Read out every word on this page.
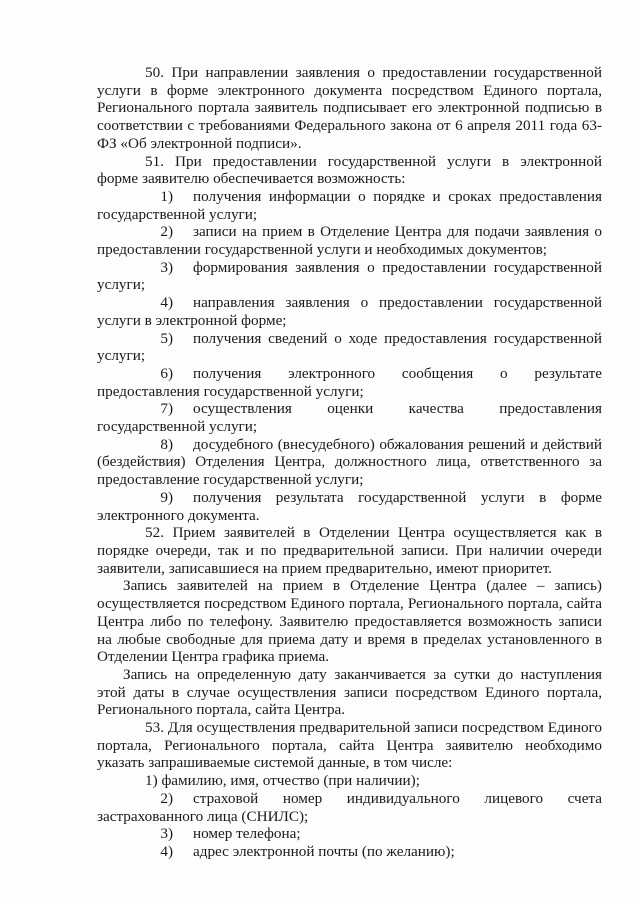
50. При направлении заявления о предоставлении государственной услуги в форме электронного документа посредством Единого портала, Регионального портала заявитель подписывает его электронной подписью в соответствии с требованиями Федерального закона от 6 апреля 2011 года 63-ФЗ «Об электронной подписи».

51. При предоставлении государственной услуги в электронной форме заявителю обеспечивается возможность:

1) получения информации о порядке и сроках предоставления государственной услуги;

2) записи на прием в Отделение Центра для подачи заявления о предоставлении государственной услуги и необходимых документов;

3) формирования заявления о предоставлении государственной услуги;

4) направления заявления о предоставлении государственной услуги в электронной форме;

5) получения сведений о ходе предоставления государственной услуги;

6) получения электронного сообщения о результате предоставления государственной услуги;

7) осуществления оценки качества предоставления государственной услуги;

8) досудебного (внесудебного) обжалования решений и действий (бездействия) Отделения Центра, должностного лица, ответственного за предоставление государственной услуги;

9) получения результата государственной услуги в форме электронного документа.

52. Прием заявителей в Отделении Центра осуществляется как в порядке очереди, так и по предварительной записи. При наличии очереди заявители, записавшиеся на прием предварительно, имеют приоритет.

Запись заявителей на прием в Отделение Центра (далее – запись) осуществляется посредством Единого портала, Регионального портала, сайта Центра либо по телефону. Заявителю предоставляется возможность записи на любые свободные для приема дату и время в пределах установленного в Отделении Центра графика приема.

Запись на определенную дату заканчивается за сутки до наступления этой даты в случае осуществления записи посредством Единого портала, Регионального портала, сайта Центра.

53. Для осуществления предварительной записи посредством Единого портала, Регионального портала, сайта Центра заявителю необходимо указать запрашиваемые системой данные, в том числе:

1) фамилию, имя, отчество (при наличии);

2) страховой номер индивидуального лицевого счета застрахованного лица (СНИЛС);

3) номер телефона;

4) адрес электронной почты (по желанию);
